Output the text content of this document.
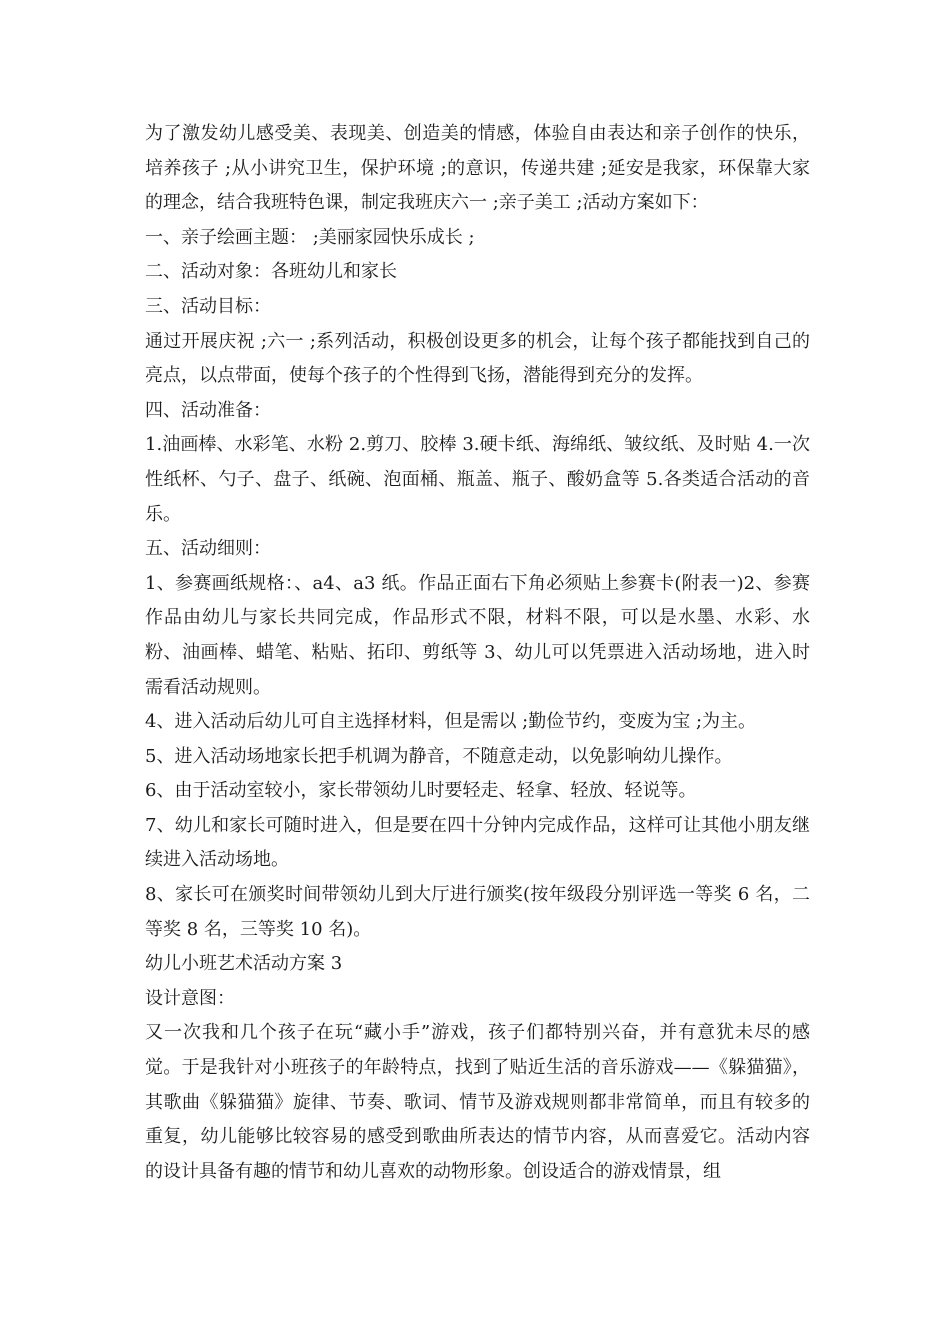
为了激发幼儿感受美、表现美、创造美的情感，体验自由表达和亲子创作的快乐，培养孩子 ;从小讲究卫生，保护环境 ;的意识，传递共建 ;延安是我家，环保靠大家的理念，结合我班特色课，制定我班庆六一 ;亲子美工 ;活动方案如下：

一、亲子绘画主题： ;美丽家园快乐成长 ;

二、活动对象：各班幼儿和家长

三、活动目标：

通过开展庆祝 ;六一 ;系列活动，积极创设更多的机会，让每个孩子都能找到自己的亮点，以点带面，使每个孩子的个性得到飞扬，潜能得到充分的发挥。

四、活动准备：

1.油画棒、水彩笔、水粉 2.剪刀、胶棒 3.硬卡纸、海绵纸、皱纹纸、及时贴 4.一次性纸杯、勺子、盘子、纸碗、泡面桶、瓶盖、瓶子、酸奶盒等 5.各类适合活动的音乐。

五、活动细则：

1、参赛画纸规格：、a4、a3 纸。作品正面右下角必须贴上参赛卡(附表一)2、参赛作品由幼儿与家长共同完成，作品形式不限，材料不限，可以是水墨、水彩、水粉、油画棒、蜡笔、粘贴、拓印、剪纸等 3、幼儿可以凭票进入活动场地，进入时需看活动规则。

4、进入活动后幼儿可自主选择材料，但是需以 ;勤俭节约，变废为宝 ;为主。

5、进入活动场地家长把手机调为静音，不随意走动，以免影响幼儿操作。

6、由于活动室较小，家长带领幼儿时要轻走、轻拿、轻放、轻说等。

7、幼儿和家长可随时进入，但是要在四十分钟内完成作品，这样可让其他小朋友继续进入活动场地。

8、家长可在颁奖时间带领幼儿到大厅进行颁奖(按年级段分别评选一等奖 6 名，二等奖 8 名，三等奖 10 名)。

幼儿小班艺术活动方案 3

设计意图：

又一次我和几个孩子在玩“藏小手”游戏，孩子们都特别兴奋，并有意犹未尽的感觉。于是我针对小班孩子的年龄特点，找到了贴近生活的音乐游戏——《躲猫猫》，其歌曲《躲猫猫》旋律、节奏、歌词、情节及游戏规则都非常简单，而且有较多的重复，幼儿能够比较容易的感受到歌曲所表达的情节内容，从而喜爱它。活动内容的设计具备有趣的情节和幼儿喜欢的动物形象。创设适合的游戏情景，组
